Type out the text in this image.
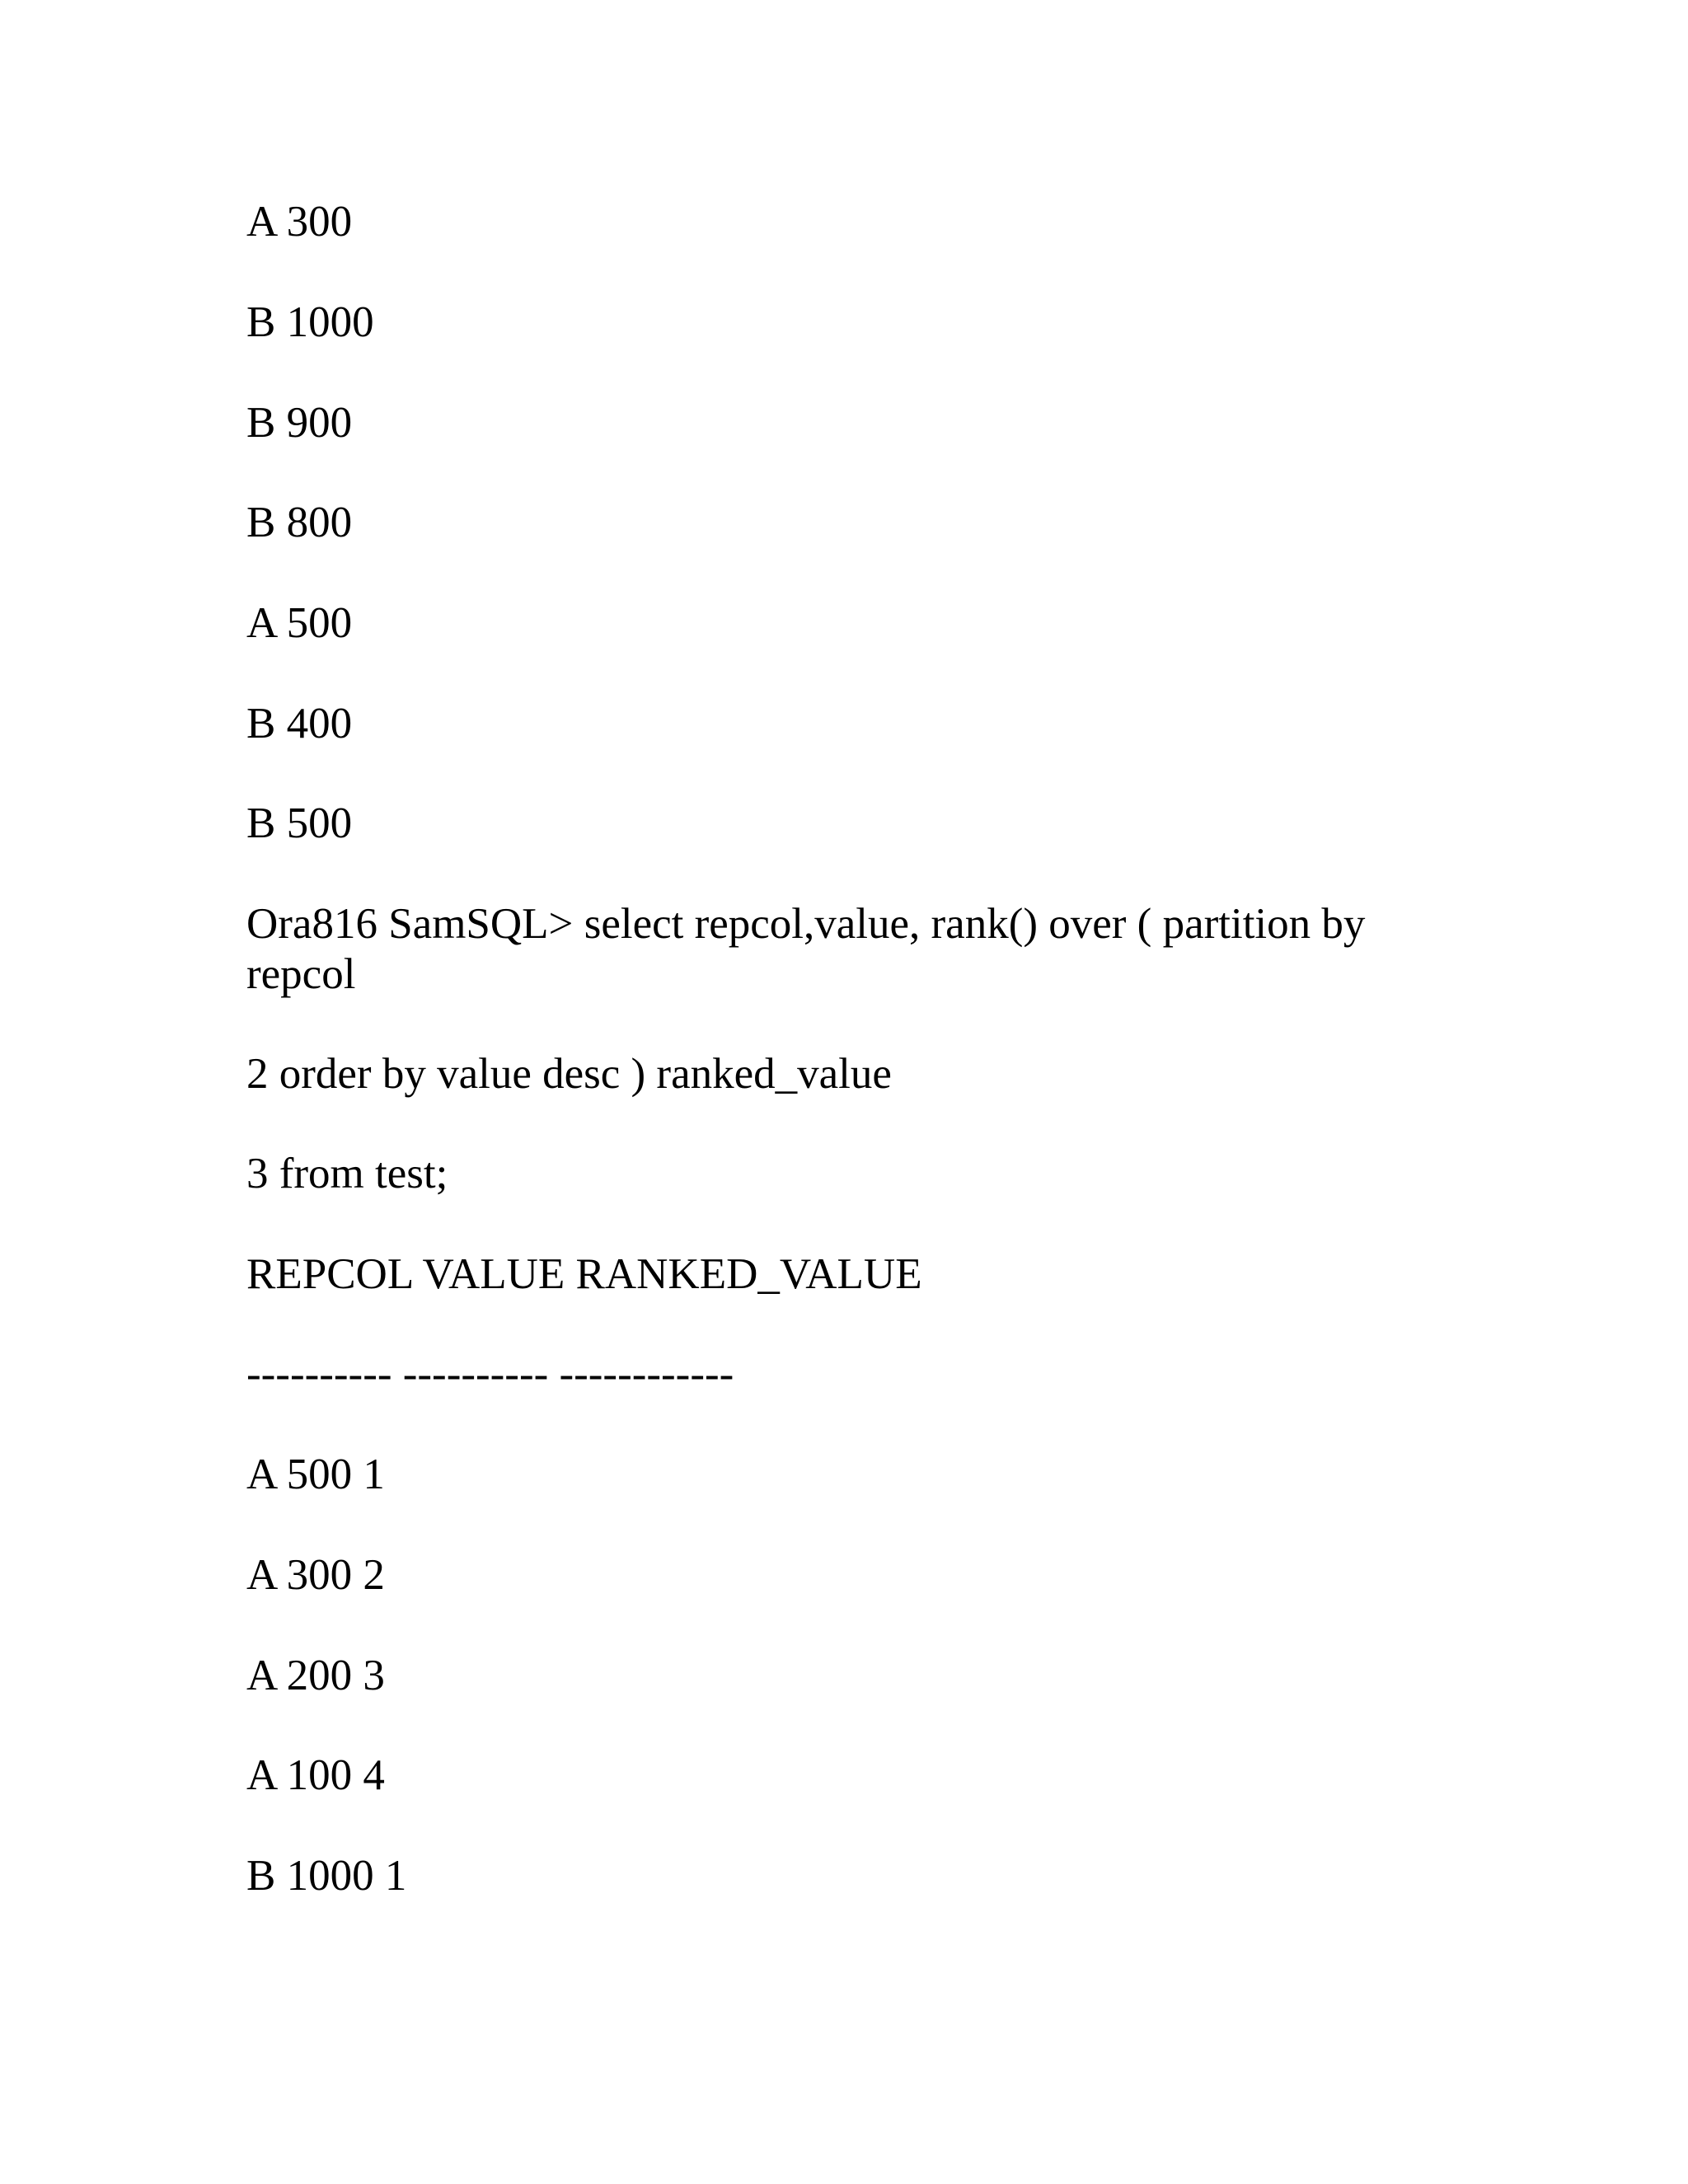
A 300

B 1000

B 900

B 800

A 500

B 400

B 500

Ora816 SamSQL> select repcol,value, rank() over ( partition by repcol

2 order by value desc ) ranked_value

3 from test;

REPCOL VALUE RANKED_VALUE

---------- ---------- ------------

A 500 1

A 300 2

A 200 3

A 100 4

B 1000 1
